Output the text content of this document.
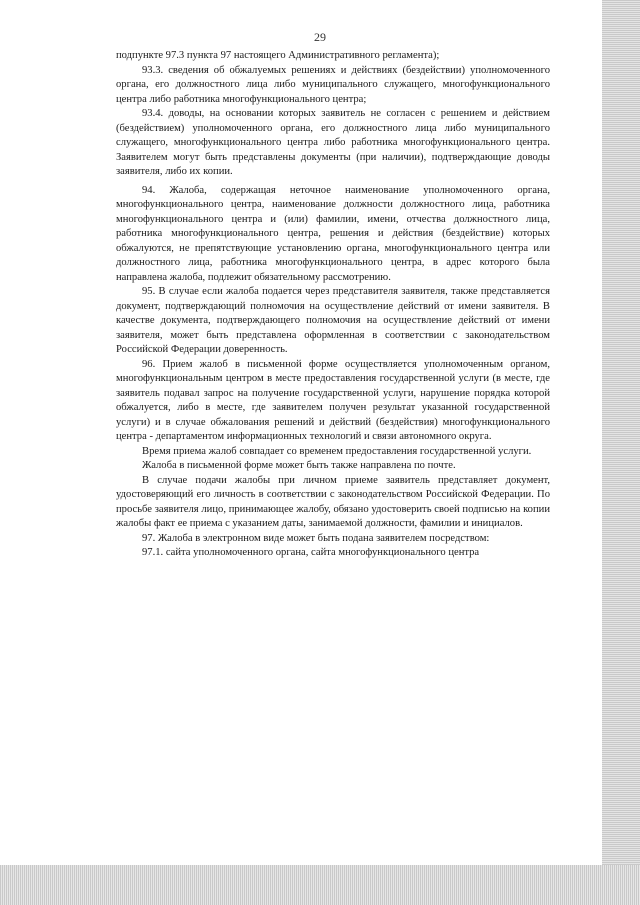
29

подпункте 97.3 пункта 97 настоящего Административного регламента);

93.3. сведения об обжалуемых решениях и действиях (бездействии) уполномоченного органа, его должностного лица либо муниципального служащего, многофункционального центра либо работника многофункционального центра;

93.4. доводы, на основании которых заявитель не согласен с решением и действием (бездействием) уполномоченного органа, его должностного лица либо муниципального служащего, многофункционального центра либо работника многофункционального центра. Заявителем могут быть представлены документы (при наличии), подтверждающие доводы заявителя, либо их копии.

94. Жалоба, содержащая неточное наименование уполномоченного органа, многофункционального центра, наименование должности должностного лица, работника многофункционального центра и (или) фамилии, имени, отчества должностного лица, работника многофункционального центра, решения и действия (бездействие) которых обжалуются, не препятствующие установлению органа, многофункционального центра или должностного лица, работника многофункционального центра, в адрес которого была направлена жалоба, подлежит обязательному рассмотрению.

95. В случае если жалоба подается через представителя заявителя, также представляется документ, подтверждающий полномочия на осуществление действий от имени заявителя. В качестве документа, подтверждающего полномочия на осуществление действий от имени заявителя, может быть представлена оформленная в соответствии с законодательством Российской Федерации доверенность.

96. Прием жалоб в письменной форме осуществляется уполномоченным органом, многофункциональным центром в месте предоставления государственной услуги (в месте, где заявитель подавал запрос на получение государственной услуги, нарушение порядка которой обжалуется, либо в месте, где заявителем получен результат указанной государственной услуги) и в случае обжалования решений и действий (бездействия) многофункционального центра - департаментом информационных технологий и связи автономного округа.

Время приема жалоб совпадает со временем предоставления государственной услуги.

Жалоба в письменной форме может быть также направлена по почте.

В случае подачи жалобы при личном приеме заявитель представляет документ, удостоверяющий его личность в соответствии с законодательством Российской Федерации. По просьбе заявителя лицо, принимающее жалобу, обязано удостоверить своей подписью на копии жалобы факт ее приема с указанием даты, занимаемой должности, фамилии и инициалов.

97. Жалоба в электронном виде может быть подана заявителем посредством:

97.1. сайта уполномоченного органа, сайта многофункционального центра
